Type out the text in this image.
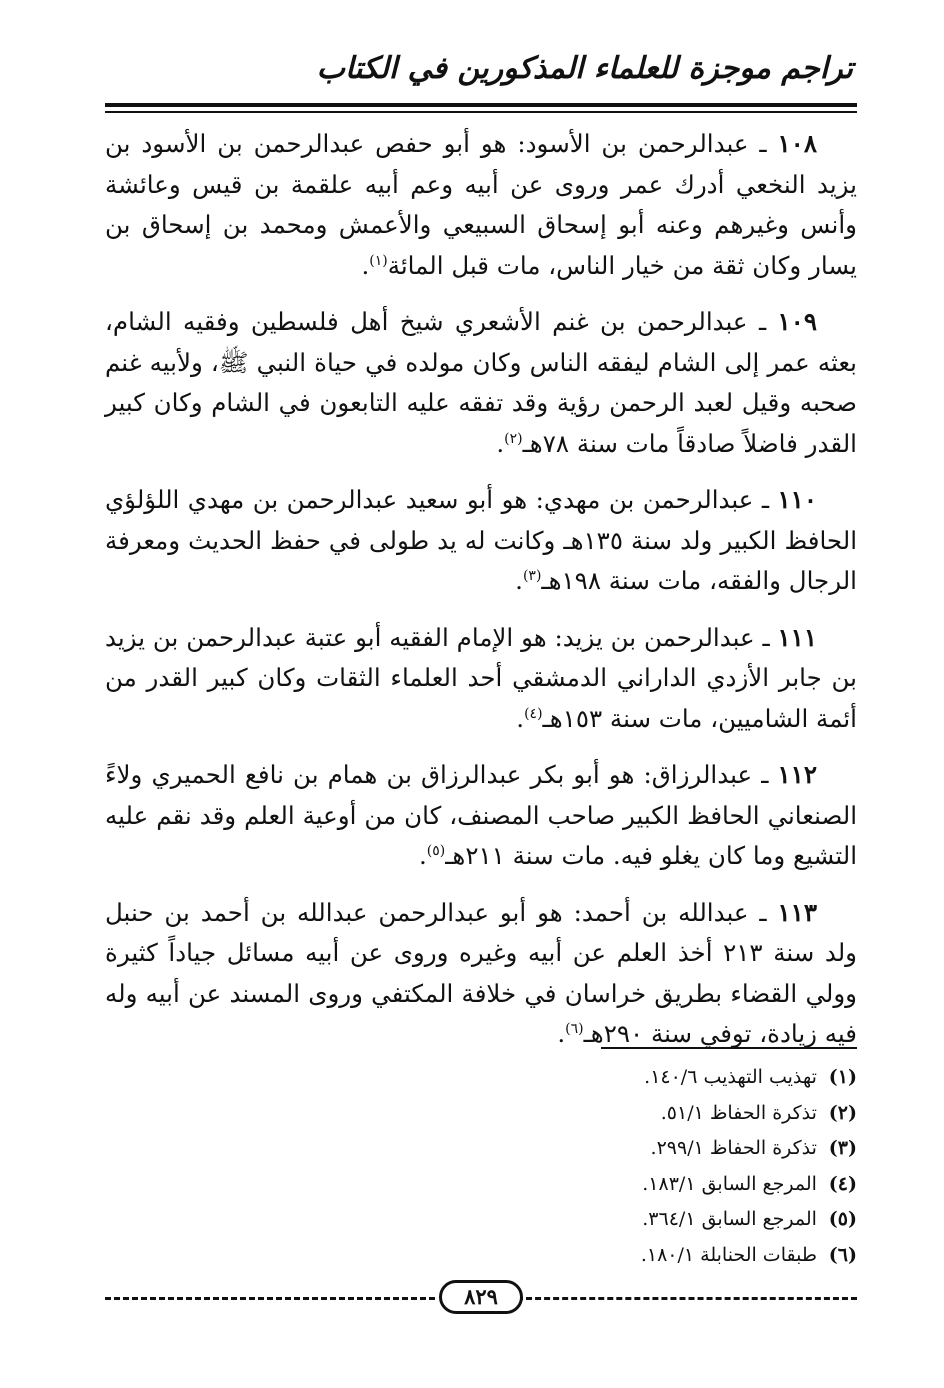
تراجم موجزة للعلماء المذكورين في الكتاب

١٠٨ ـ عبدالرحمن بن الأسود: هو أبو حفص عبدالرحمن بن الأسود بن يزيد النخعي أدرك عمر وروى عن أبيه وعم أبيه علقمة بن قيس وعائشة وأنس وغيرهم وعنه أبو إسحاق السبيعي والأعمش ومحمد بن إسحاق بن يسار وكان ثقة من خيار الناس، مات قبل المائة$^{(١)}$.

١٠٩ ـ عبدالرحمن بن غنم الأشعري شيخ أهل فلسطين وفقيه الشام، بعثه عمر إلى الشام ليفقه الناس وكان مولده في حياة النبي ﷺ، ولأبيه غنم صحبه وقيل لعبد الرحمن رؤية وقد تفقه عليه التابعون في الشام وكان كبير القدر فاضلاً صادقاً مات سنة ٧٨هـ$^{(٢)}$.

١١٠ ـ عبدالرحمن بن مهدي: هو أبو سعيد عبدالرحمن بن مهدي اللؤلؤي الحافظ الكبير ولد سنة ١٣٥هـ وكانت له يد طولى في حفظ الحديث ومعرفة الرجال والفقه، مات سنة ١٩٨هـ$^{(٣)}$.

١١١ ـ عبدالرحمن بن يزيد: هو الإمام الفقيه أبو عتبة عبدالرحمن بن يزيد بن جابر الأزدي الداراني الدمشقي أحد العلماء الثقات وكان كبير القدر من أئمة الشاميين، مات سنة ١٥٣هـ$^{(٤)}$.

١١٢ ـ عبدالرزاق: هو أبو بكر عبدالرزاق بن همام بن نافع الحميري ولاءً الصنعاني الحافظ الكبير صاحب المصنف، كان من أوعية العلم وقد نقم عليه التشيع وما كان يغلو فيه. مات سنة ٢١١هـ$^{(٥)}$.

١١٣ ـ عبدالله بن أحمد: هو أبو عبدالرحمن عبدالله بن أحمد بن حنبل ولد سنة ٢١٣ أخذ العلم عن أبيه وغيره وروى عن أبيه مسائل جياداً كثيرة وولي القضاء بطريق خراسان في خلافة المكتفي وروى المسند عن أبيه وله فيه زيادة، توفي سنة ٢٩٠هـ$^{(٦)}$.

(١) تهذيب التهذيب ١٤٠/٦.
(٢) تذكرة الحفاظ ٥١/١.
(٣) تذكرة الحفاظ ٢٩٩/١.
(٤) المرجع السابق ١٨٣/١.
(٥) المرجع السابق ٣٦٤/١.
(٦) طبقات الحنابلة ١٨٠/١.
٨٢٩
